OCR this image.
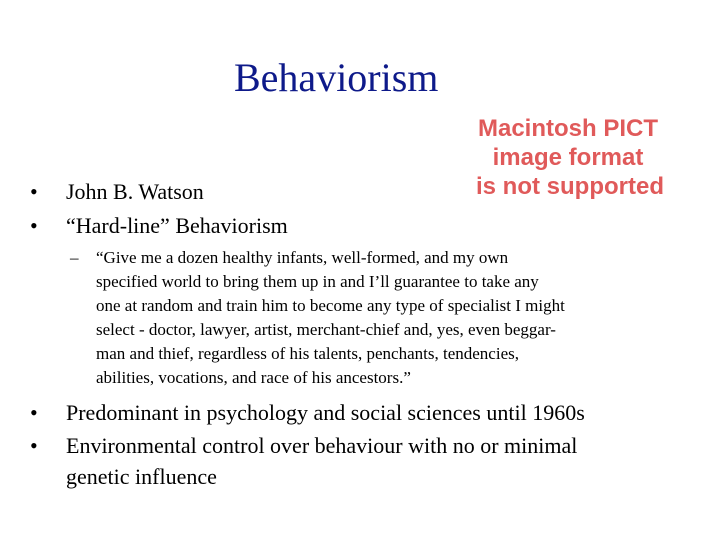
Behaviorism
Macintosh PICT
image format
is not supported
• John B. Watson
• “Hard-line” Behaviorism
– “Give me a dozen healthy infants, well-formed, and my own
specified world to bring them up in and I’ll guarantee to take any
one at random and train him to become any type of specialist I might
select - doctor, lawyer, artist, merchant-chief and, yes, even beggar-
man and thief, regardless of his talents, penchants, tendencies,
abilities, vocations, and race of his ancestors.”
• Predominant in psychology and social sciences until 1960s
• Environmental control over behaviour with no or minimal
genetic influence
